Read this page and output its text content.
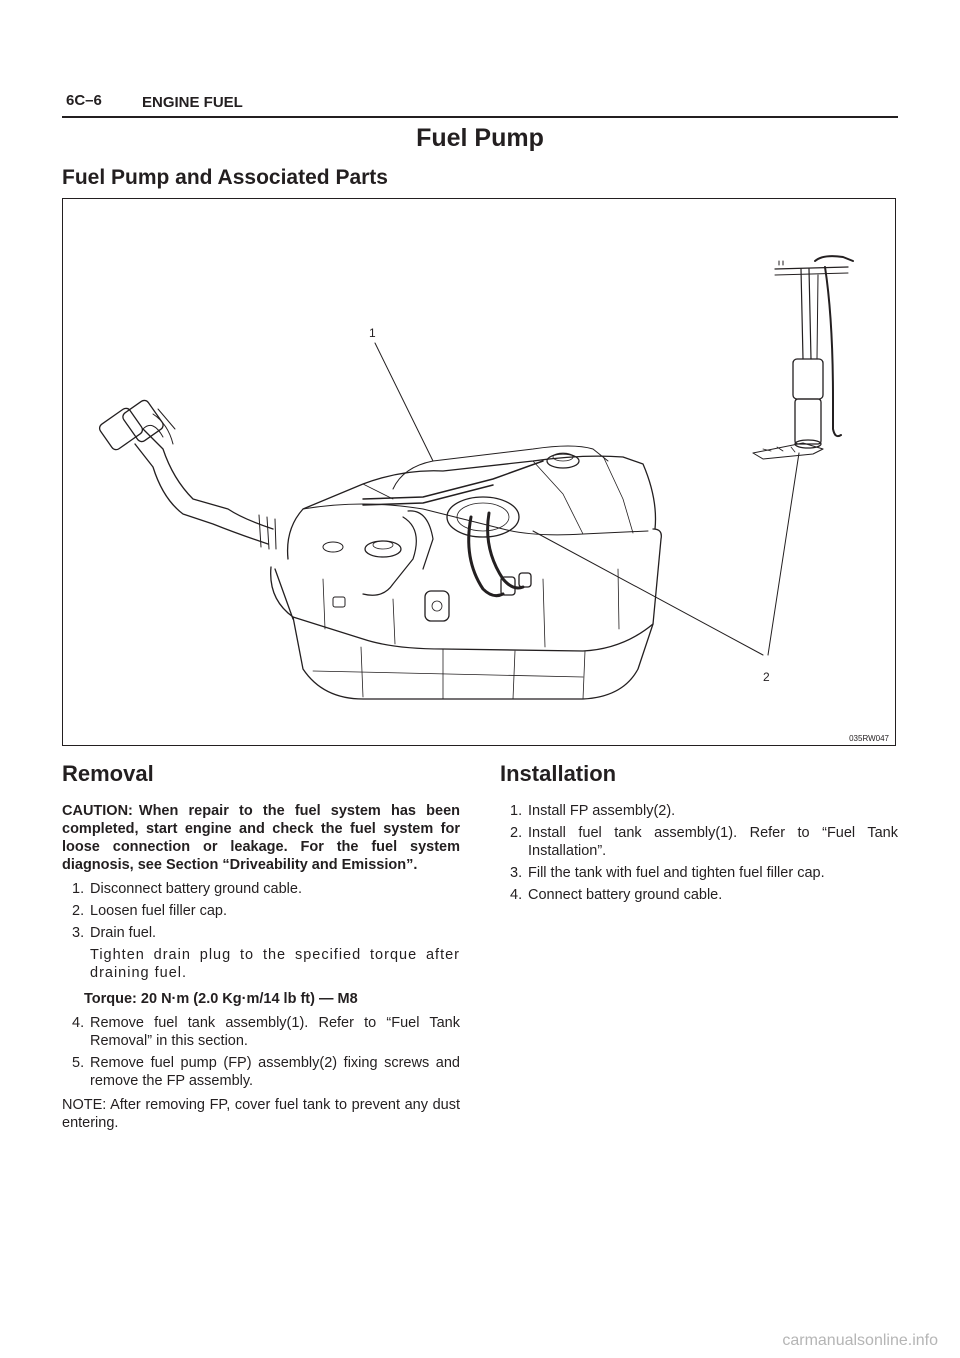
6C–6	ENGINE FUEL
Fuel Pump
Fuel Pump and Associated Parts
1
2
035RW047
Removal

CAUTION: When repair to the fuel system has been completed, start engine and check the fuel system for loose connection or leakage. For the fuel system diagnosis, see Section “Driveability and Emission”.

1. Disconnect battery ground cable.
2. Loosen fuel filler cap.
3. Drain fuel.
Tighten drain plug to the specified torque after draining fuel.
Torque: 20 N·m (2.0 Kg·m/14 lb ft) — M8
4. Remove fuel tank assembly(1). Refer to “Fuel Tank Removal” in this section.
5. Remove fuel pump (FP) assembly(2) fixing screws and remove the FP assembly.
NOTE: After removing FP, cover fuel tank to prevent any dust entering.
Installation
1. Install FP assembly(2).
2. Install fuel tank assembly(1). Refer to “Fuel Tank Installation”.
3. Fill the tank with fuel and tighten fuel filler cap.
4. Connect battery ground cable.
carmanualsonline.info
